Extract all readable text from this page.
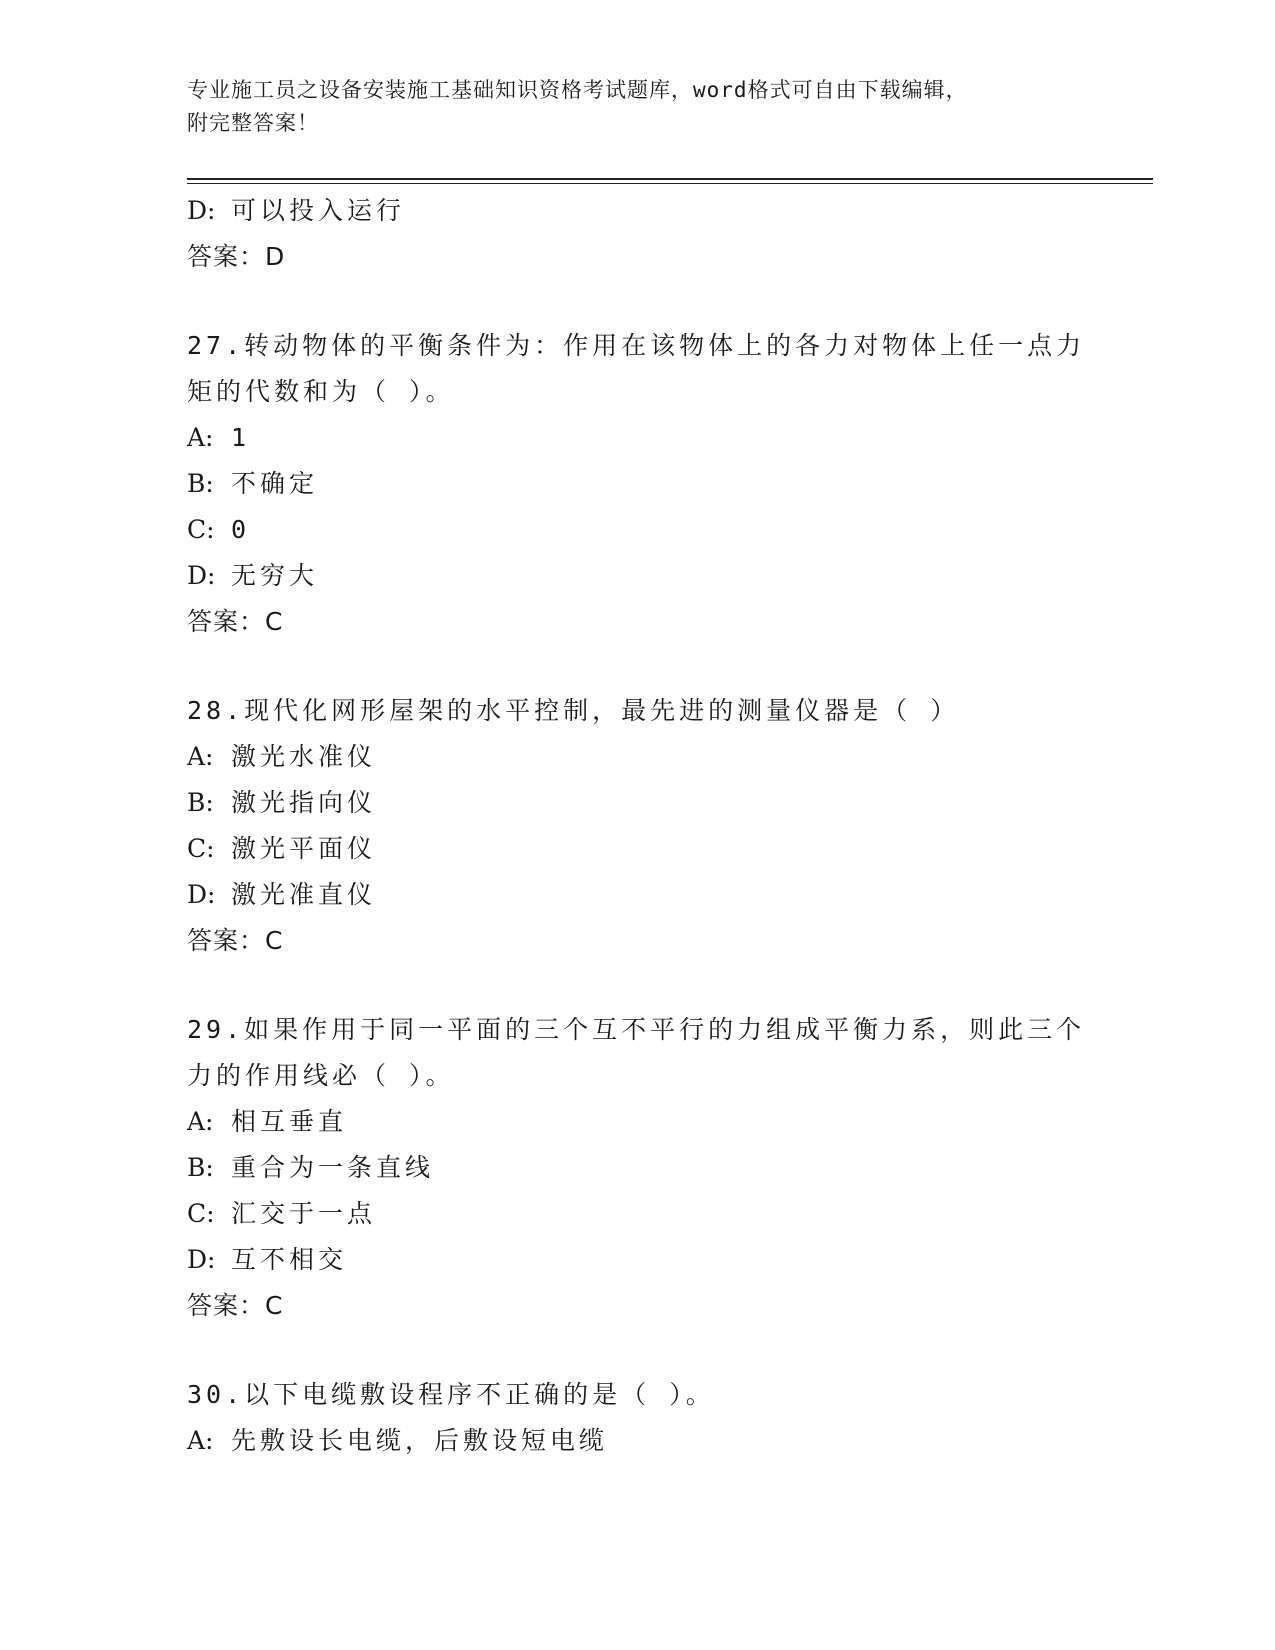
专业施工员之设备安装施工基础知识资格考试题库，word格式可自由下载编辑，
附完整答案！
D: 可以投入运行
答案：D
27.转动物体的平衡条件为：作用在该物体上的各力对物体上任一点力
矩的代数和为（ ）。
A: 1
B: 不确定
C: 0
D: 无穷大
答案：C
28.现代化网形屋架的水平控制，最先进的测量仪器是（ ）
A: 激光水准仪
B: 激光指向仪
C: 激光平面仪
D: 激光准直仪
答案：C
29.如果作用于同一平面的三个互不平行的力组成平衡力系，则此三个
力的作用线必（ ）。
A: 相互垂直
B: 重合为一条直线
C: 汇交于一点
D: 互不相交
答案：C
30.以下电缆敷设程序不正确的是（ ）。
A: 先敷设长电缆，后敷设短电缆
